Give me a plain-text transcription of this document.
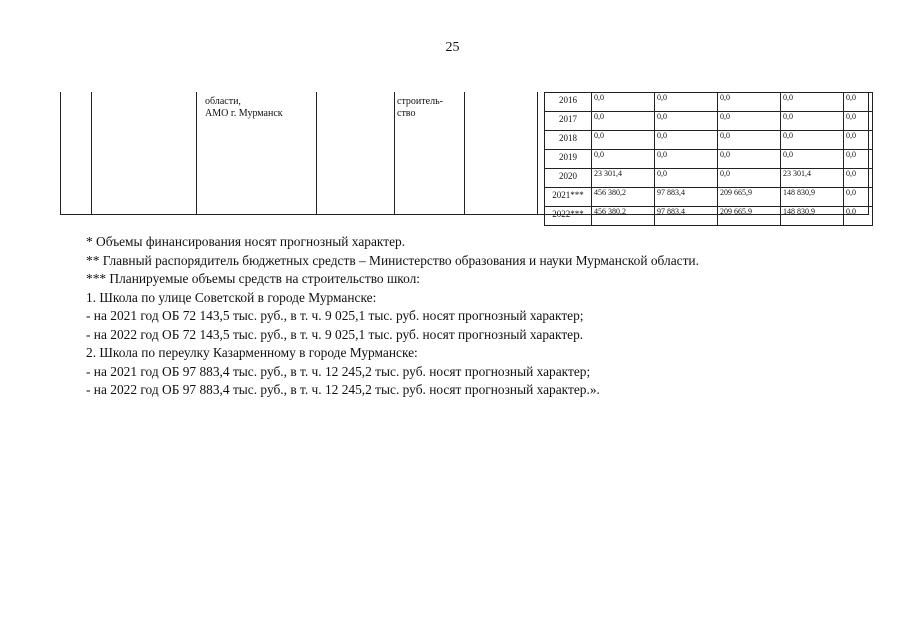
25
области,
АМО г. Мурманск
строитель-
ство
2016	0,0	0,0	0,0	0,0	0,0
2017	0,0	0,0	0,0	0,0	0,0
2018	0,0	0,0	0,0	0,0	0,0
2019	0,0	0,0	0,0	0,0	0,0
2020	23 301,4	0,0	0,0	23 301,4	0,0
2021***	456 380,2	97 883,4	209 665,9	148 830,9	0,0
2022***	456 380,2	97 883,4	209 665,9	148 830,9	0,0
* Объемы финансирования носят прогнозный характер.
** Главный распорядитель бюджетных средств – Министерство образования и науки Мурманской области.
*** Планируемые объемы средств на строительство школ:
1. Школа по улице Советской в городе Мурманске:
- на 2021 год ОБ 72 143,5 тыс. руб., в т. ч. 9 025,1 тыс. руб. носят прогнозный характер;
- на 2022 год ОБ 72 143,5 тыс. руб., в т. ч. 9 025,1 тыс. руб. носят прогнозный характер.
2. Школа по переулку Казарменному в городе Мурманске:
- на 2021 год ОБ 97 883,4 тыс. руб., в т. ч. 12 245,2 тыс. руб. носят прогнозный характер;
- на 2022 год ОБ 97 883,4 тыс. руб., в т. ч. 12 245,2 тыс. руб. носят прогнозный характер.».
